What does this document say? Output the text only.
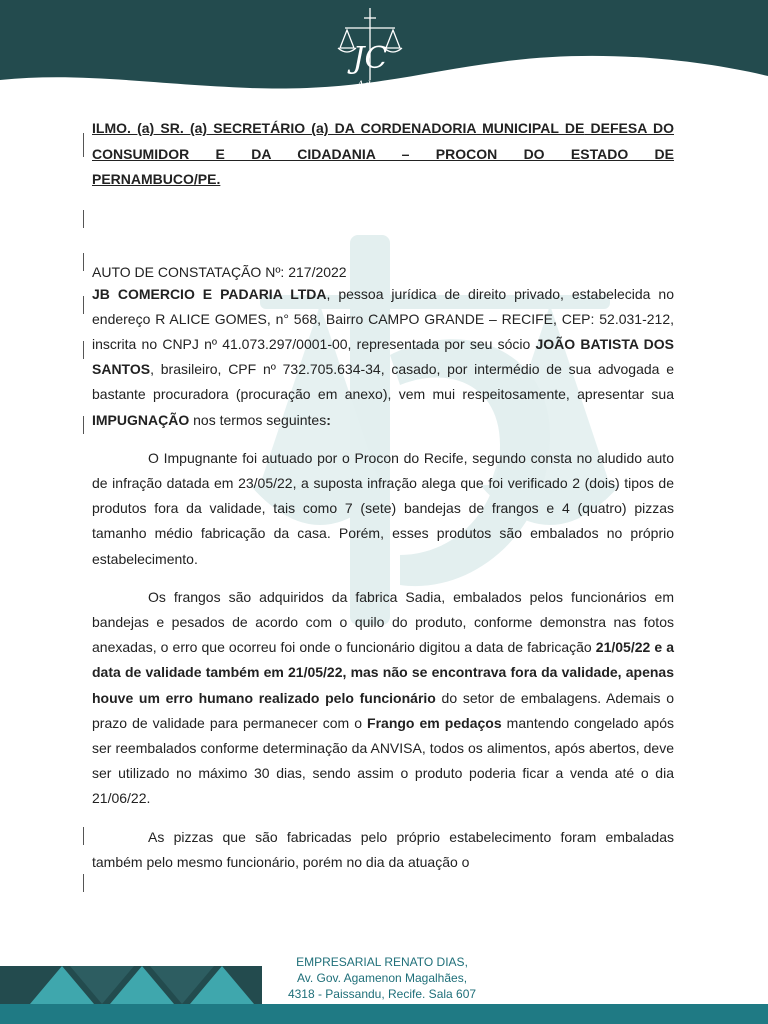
JC
Advocacia
ILMO. (a) SR. (a) SECRETÁRIO (a) DA CORDENADORIA MUNICIPAL DE DEFESA DO CONSUMIDOR E DA CIDADANIA – PROCON DO ESTADO DE
PERNAMBUCO/PE.
AUTO DE CONSTATAÇÃO Nº: 217/2022

JB COMERCIO E PADARIA LTDA, pessoa jurídica de direito privado, estabelecida no endereço R ALICE GOMES, n° 568, Bairro CAMPO GRANDE – RECIFE, CEP: 52.031-212, inscrita no CNPJ nº 41.073.297/0001-00, representada por seu sócio JOÃO BATISTA DOS SANTOS, brasileiro, CPF nº 732.705.634-34, casado, por intermédio de sua advogada e bastante procuradora (procuração em anexo), vem mui respeitosamente, apresentar sua IMPUGNAÇÃO nos termos seguintes:

O Impugnante foi autuado por o Procon do Recife, segundo consta no aludido auto de infração datada em 23/05/22, a suposta infração alega que foi verificado 2 (dois) tipos de produtos fora da validade, tais como 7 (sete) bandejas de frangos e 4 (quatro) pizzas tamanho médio fabricação da casa. Porém, esses produtos são embalados no próprio estabelecimento.

Os frangos são adquiridos da fabrica Sadia, embalados pelos funcionários em bandejas e pesados de acordo com o quilo do produto, conforme demonstra nas fotos anexadas, o erro que ocorreu foi onde o funcionário digitou a data de fabricação 21/05/22 e a data de validade também em 21/05/22, mas não se encontrava fora da validade, apenas houve um erro humano realizado pelo funcionário do setor de embalagens. Ademais o prazo de validade para permanecer com o Frango em pedaços mantendo congelado após ser reembalados conforme determinação da ANVISA, todos os alimentos, após abertos, deve ser utilizado no máximo 30 dias, sendo assim o produto poderia ficar a venda até o dia 21/06/22.

As pizzas que são fabricadas pelo próprio estabelecimento foram embaladas também pelo mesmo funcionário, porém no dia da atuação o

EMPRESARIAL RENATO DIAS,
Av. Gov. Agamenon Magalhães,
4318 - Paissandu, Recife. Sala 607
